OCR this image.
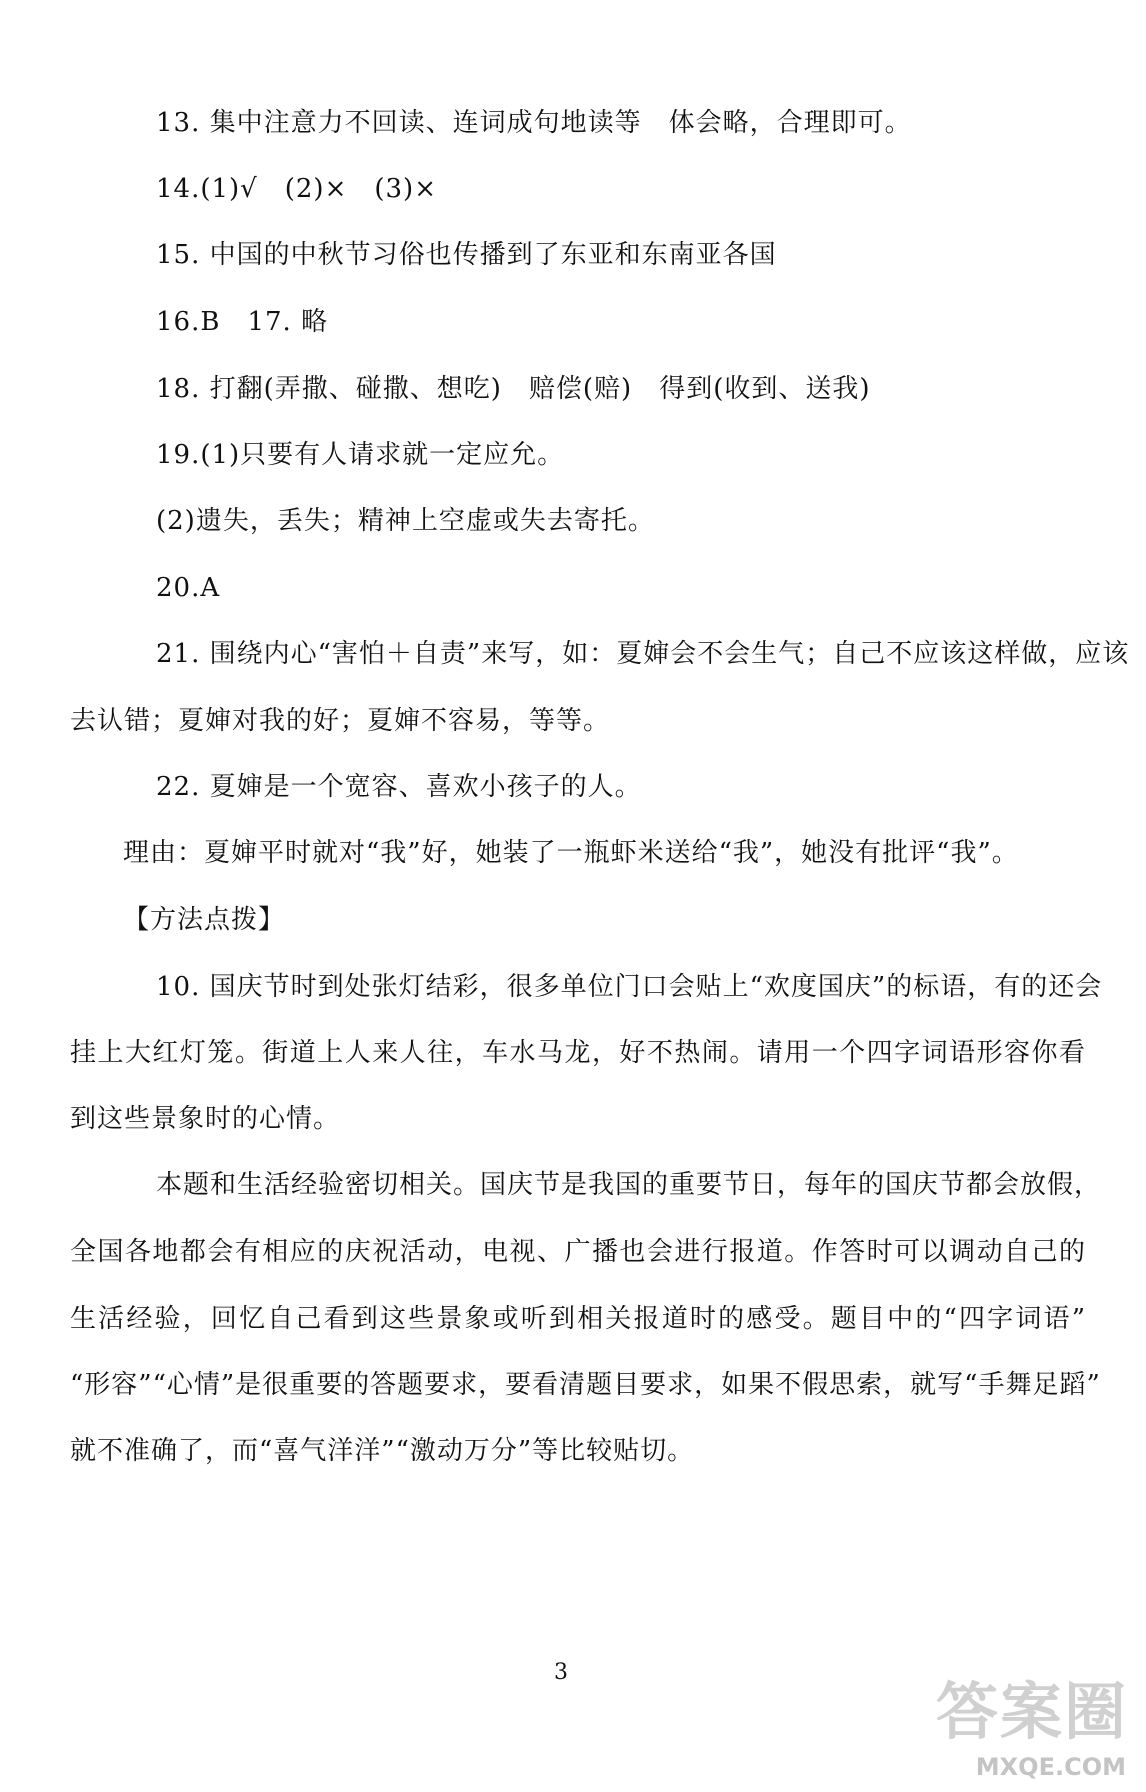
13. 集中注意力不回读、连词成句地读等　体会略，合理即可。
14.(1)√　(2)×　(3)×
15. 中国的中秋节习俗也传播到了东亚和东南亚各国
16.B　17. 略
18. 打翻(弄撒、碰撒、想吃)　赔偿(赔)　得到(收到、送我)
19.(1)只要有人请求就一定应允。
(2)遗失，丢失；精神上空虚或失去寄托。
20.A
21. 围绕内心“害怕＋自责”来写，如：夏婶会不会生气；自己不应该这样做，应该
去认错；夏婶对我的好；夏婶不容易，等等。
22. 夏婶是一个宽容、喜欢小孩子的人。
理由：夏婶平时就对“我”好，她装了一瓶虾米送给“我”，她没有批评“我”。
【方法点拨】
10. 国庆节时到处张灯结彩，很多单位门口会贴上“欢度国庆”的标语，有的还会
挂上大红灯笼。街道上人来人往，车水马龙，好不热闹。请用一个四字词语形容你看
到这些景象时的心情。
本题和生活经验密切相关。国庆节是我国的重要节日，每年的国庆节都会放假，
全国各地都会有相应的庆祝活动，电视、广播也会进行报道。作答时可以调动自己的
生活经验，回忆自己看到这些景象或听到相关报道时的感受。题目中的“四字词语”
“形容”“心情”是很重要的答题要求，要看清题目要求，如果不假思索，就写“手舞足蹈”
就不准确了，而“喜气洋洋”“激动万分”等比较贴切。
3
答案圈
MXQE.COM
